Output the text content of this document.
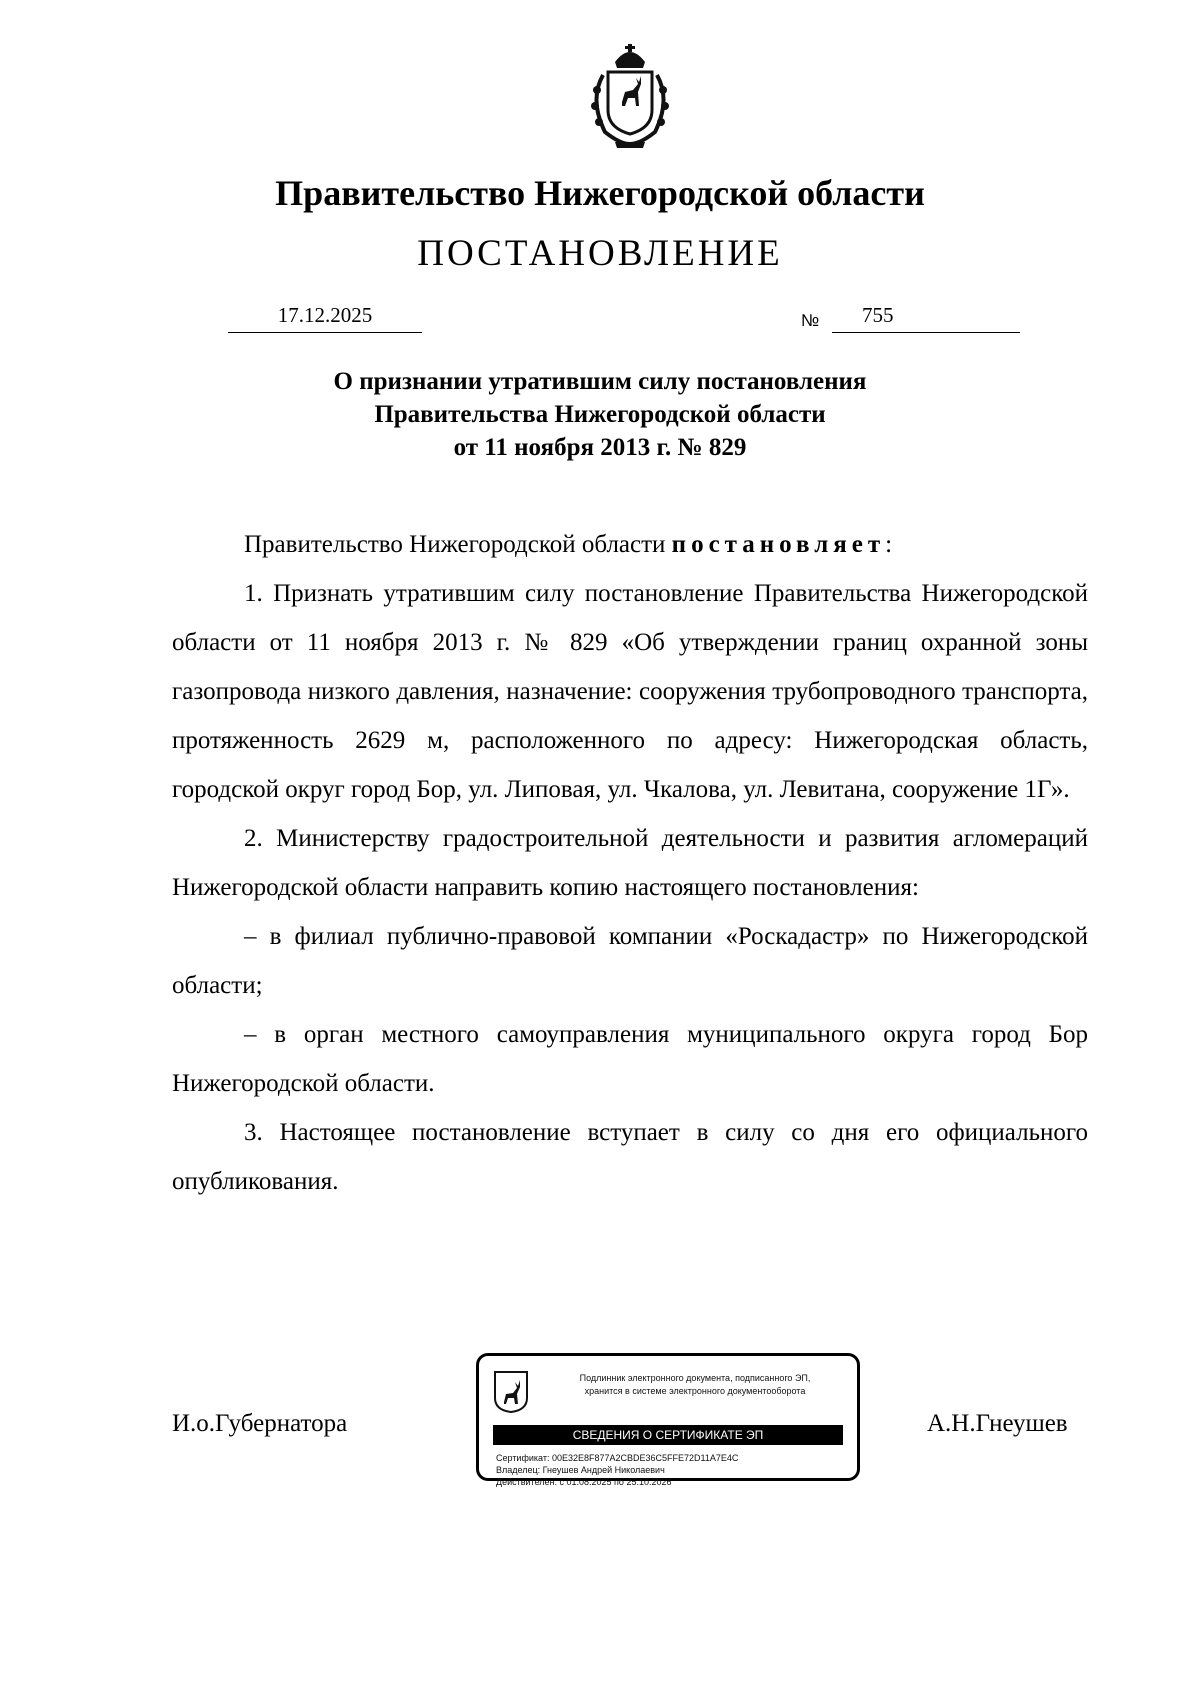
Правительство Нижегородской области
ПОСТАНОВЛЕНИЕ
17.12.2025	№	755
О признании утратившим силу постановления
Правительства Нижегородской области
от 11 ноября 2013 г. № 829

Правительство Нижегородской области постановляет:

1. Признать утратившим силу постановление Правительства Нижегородской области от 11 ноября 2013 г. № 829 «Об утверждении границ охранной зоны газопровода низкого давления, назначение: сооружения трубопроводного транспорта, протяженность 2629 м, расположенного по адресу: Нижегородская область, городской округ город Бор, ул. Липовая, ул. Чкалова, ул. Левитана, сооружение 1Г».

2. Министерству градостроительной деятельности и развития агломераций Нижегородской области направить копию настоящего постановления:

– в филиал публично-правовой компании «Роскадастр» по Нижегородской области;

– в орган местного самоуправления муниципального округа город Бор Нижегородской области.

3. Настоящее постановление вступает в силу со дня его официального опубликования.

И.о.Губернатора	А.Н.Гнеушев
Подлинник электронного документа, подписанного ЭП,
хранится в системе электронного документооборота
СВЕДЕНИЯ О СЕРТИФИКАТЕ ЭП
Сертификат: 00E32E8F877A2CBDE36C5FFE72D11A7E4C
Владелец: Гнеушев Андрей Николаевич
Действителен: с 01.08.2025 по 25.10.2026
